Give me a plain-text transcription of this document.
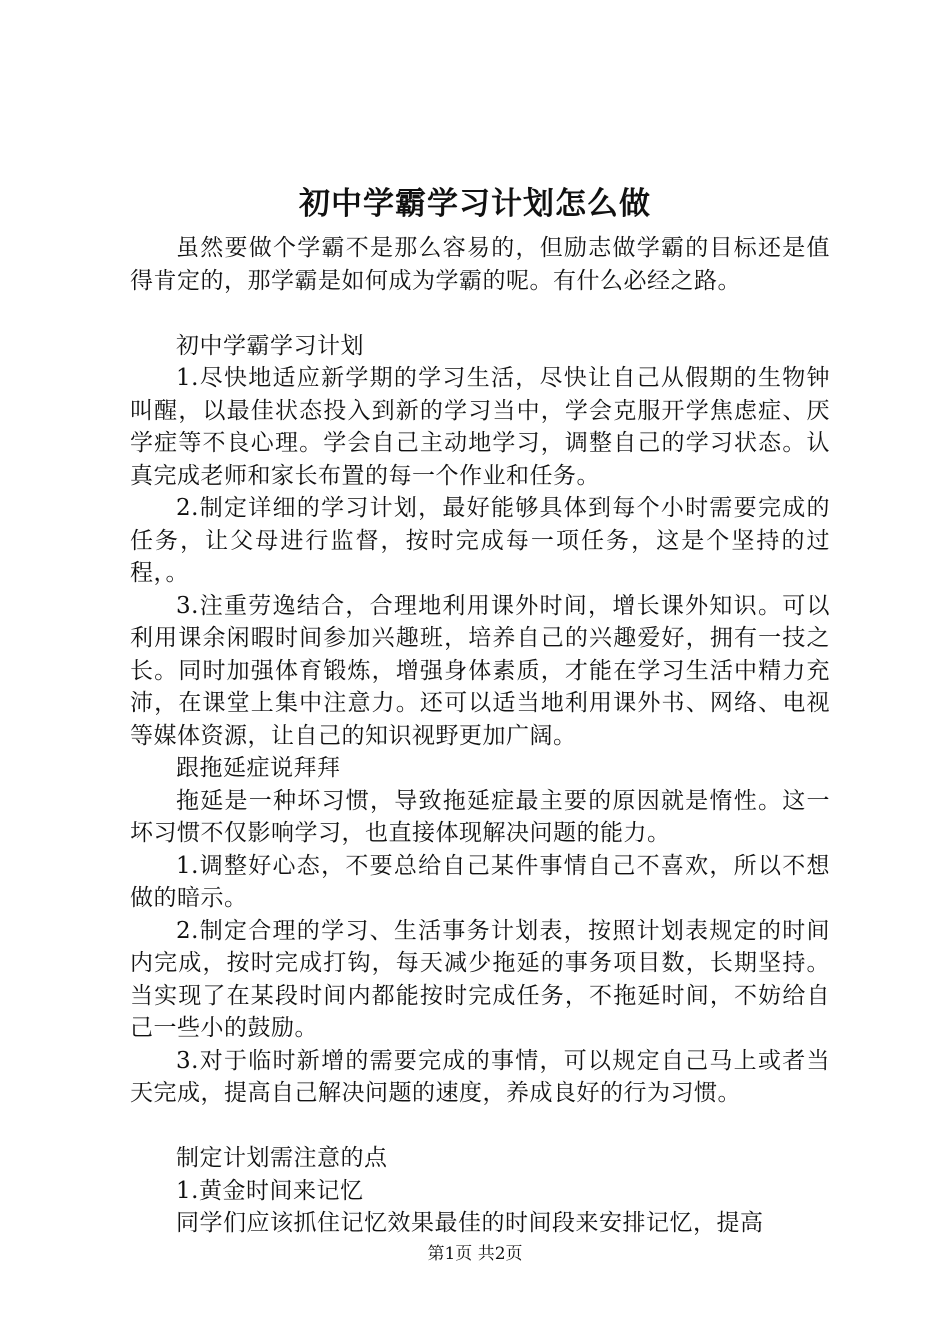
初中学霸学习计划怎么做

虽然要做个学霸不是那么容易的，但励志做学霸的目标还是值得肯定的，那学霸是如何成为学霸的呢。有什么必经之路。

初中学霸学习计划

1.尽快地适应新学期的学习生活，尽快让自己从假期的生物钟叫醒，以最佳状态投入到新的学习当中，学会克服开学焦虑症、厌学症等不良心理。学会自己主动地学习，调整自己的学习状态。认真完成老师和家长布置的每一个作业和任务。

2.制定详细的学习计划，最好能够具体到每个小时需要完成的任务，让父母进行监督，按时完成每一项任务，这是个坚持的过程，。

3.注重劳逸结合，合理地利用课外时间，增长课外知识。可以利用课余闲暇时间参加兴趣班，培养自己的兴趣爱好，拥有一技之长。同时加强体育锻炼，增强身体素质，才能在学习生活中精力充沛，在课堂上集中注意力。还可以适当地利用课外书、网络、电视等媒体资源，让自己的知识视野更加广阔。

跟拖延症说拜拜

拖延是一种坏习惯，导致拖延症最主要的原因就是惰性。这一坏习惯不仅影响学习，也直接体现解决问题的能力。

1.调整好心态，不要总给自己某件事情自己不喜欢，所以不想做的暗示。

2.制定合理的学习、生活事务计划表，按照计划表规定的时间内完成，按时完成打钩，每天减少拖延的事务项目数，长期坚持。当实现了在某段时间内都能按时完成任务，不拖延时间，不妨给自己一些小的鼓励。

3.对于临时新增的需要完成的事情，可以规定自己马上或者当天完成，提高自己解决问题的速度，养成良好的行为习惯。

制定计划需注意的点

1.黄金时间来记忆

同学们应该抓住记忆效果最佳的时间段来安排记忆，提高

第1页 共2页
